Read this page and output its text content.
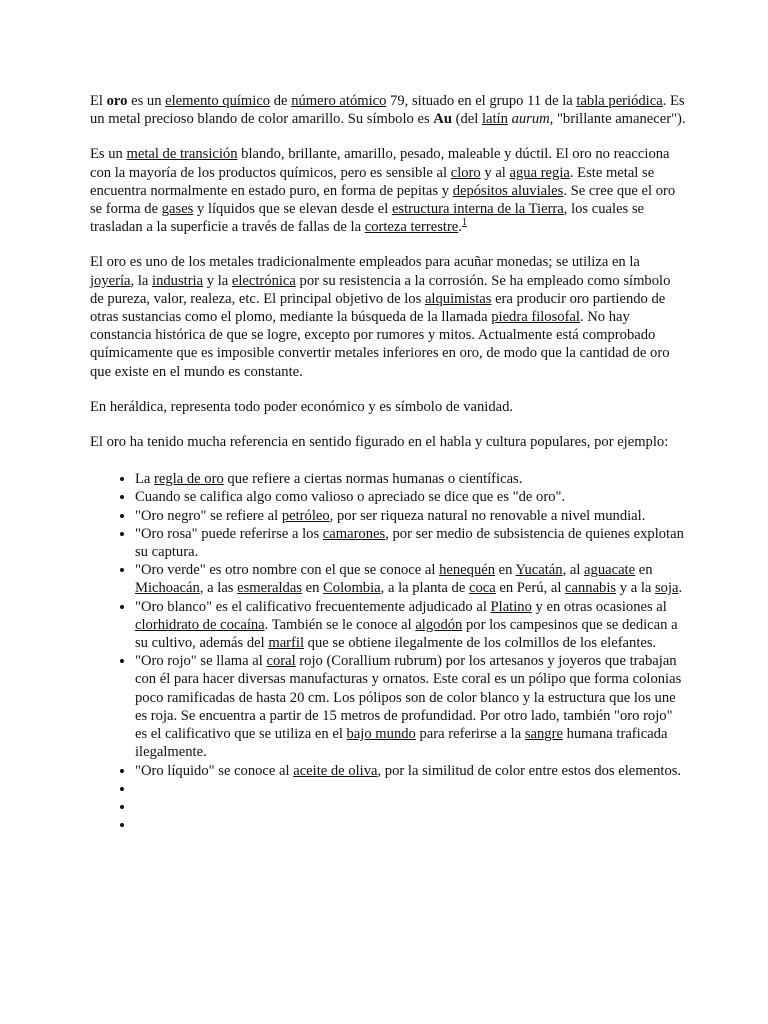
El oro es un elemento químico de número atómico 79, situado en el grupo 11 de la tabla periódica. Es un metal precioso blando de color amarillo. Su símbolo es Au (del latín aurum, "brillante amanecer").

Es un metal de transición blando, brillante, amarillo, pesado, maleable y dúctil. El oro no reacciona con la mayoría de los productos químicos, pero es sensible al cloro y al agua regia. Este metal se encuentra normalmente en estado puro, en forma de pepitas y depósitos aluviales. Se cree que el oro se forma de gases y líquidos que se elevan desde el estructura interna de la Tierra, los cuales se trasladan a la superficie a través de fallas de la corteza terrestre.$^1$

El oro es uno de los metales tradicionalmente empleados para acuñar monedas; se utiliza en la joyería, la industria y la electrónica por su resistencia a la corrosión. Se ha empleado como símbolo de pureza, valor, realeza, etc. El principal objetivo de los alquimistas era producir oro partiendo de otras sustancias como el plomo, mediante la búsqueda de la llamada piedra filosofal. No hay constancia histórica de que se logre, excepto por rumores y mitos. Actualmente está comprobado químicamente que es imposible convertir metales inferiores en oro, de modo que la cantidad de oro que existe en el mundo es constante.

En heráldica, representa todo poder económico y es símbolo de vanidad.

El oro ha tenido mucha referencia en sentido figurado en el habla y cultura populares, por ejemplo:

• La regla de oro que refiere a ciertas normas humanas o científicas.
• Cuando se califica algo como valioso o apreciado se dice que es "de oro".
• "Oro negro" se refiere al petróleo, por ser riqueza natural no renovable a nivel mundial.
• "Oro rosa" puede referirse a los camarones, por ser medio de subsistencia de quienes explotan su captura.
• "Oro verde" es otro nombre con el que se conoce al henequén en Yucatán, al aguacate en Michoacán, a las esmeraldas en Colombia, a la planta de coca en Perú, al cannabis y a la soja.
• "Oro blanco" es el calificativo frecuentemente adjudicado al Platino y en otras ocasiones al clorhidrato de cocaína. También se le conoce al algodón por los campesinos que se dedican a su cultivo, además del marfil que se obtiene ilegalmente de los colmillos de los elefantes.
• "Oro rojo" se llama al coral rojo (Corallium rubrum) por los artesanos y joyeros que trabajan con él para hacer diversas manufacturas y ornatos. Este coral es un pólipo que forma colonias poco ramificadas de hasta 20 cm. Los pólipos son de color blanco y la estructura que los une es roja. Se encuentra a partir de 15 metros de profundidad. Por otro lado, también "oro rojo" es el calificativo que se utiliza en el bajo mundo para referirse a la sangre humana traficada ilegalmente.
• "Oro líquido" se conoce al aceite de oliva, por la similitud de color entre estos dos elementos.
•
•
•
